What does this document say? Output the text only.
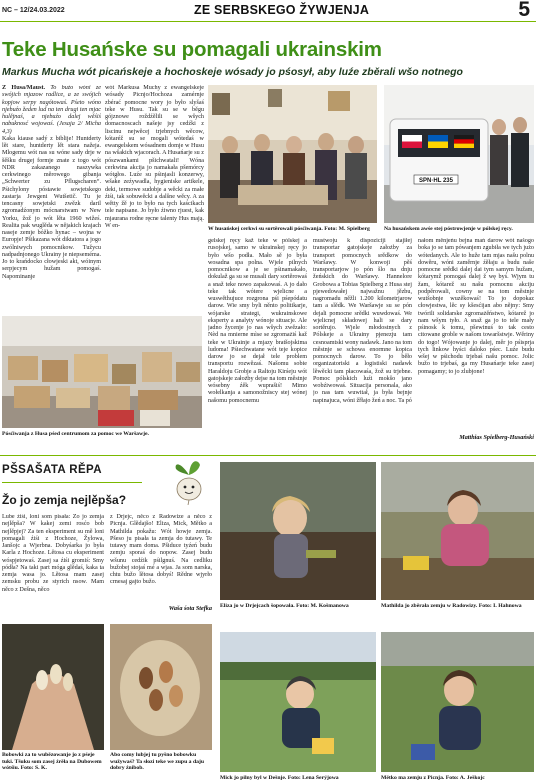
NC – 12/24.03.2022	ZE SERBSKEGO ŽYWJENJA	5
Teke Husańske su pomagali ukrainskim
Markus Mucha wót picańskeje a hochoskeje wósady jo pśosył, aby luźe zběrali wšo notnego

Z Husa/Maust. To buźo wóni ze swójich mjazow radlice, a ze swójich kopjow serpy nagótowaś. Pśeto wóno njebuźo žeden lud na ten drugi ten mjac hulějnaś, a njebuźo dalej wěśiś nabuknosć wojowaś. (Jesaja 2/ Micha 4,3)

Kaka kiause sadý z biblije! Huntderty lět stare, huntderty lět stara nažeja. Mlogemu wót nas su wóne sady drje w šěšku drugej formje znate z togo wót NDR zakazanego naszywka cerkwinego měrowego gibanja „Schwerter zu Pflugscharen“. Pśichylony póstawie sowjetskego zastarja Jewgeni Wutšetič. Tu je tencasny sowjetski zwězk daril zgromadźonym mócnarstwam w New Yorku, žož jo wót lěta 1960 wižeś. Realita pak wuglěda w nějakich krajach naseje zemje bóžko hynac – wojna w Europje! Pšikazana wót diktatora a jogo zwólniwych pomocnikow. Tužycu nadpadnjonego Ukrainy je niepseméma. Jo to krańdocko cłowjeski akt, wóinym serpjecym hužam pomogaś. Napominanje

wót Markusa Muchy z ewangelskeje wósady Picnjo/Hochoza zamérnje zbérać pomocne wory jo było slyšaś teke w Husu. Tak su se w běgu gójznowe roždźělili se wšych domacnoscach našeje jsy cedźki z liscinu nejwěcej trjebnych wěcow, kótaréž su se mogali wótedaś w ewangelskem wósadnem domje w Husu na wšakich wjacorach. A Husańarje su z pószwankami pšichwatali! Wóna cerkwina akcija jo namakała pšemórcy wótgłos. Luźe su pśinjasli konzerwy, wšake zeźywadla, hygieniske artikele, deki, termowe sudobje a wěcki za małe źiśi, tak sobuwěcki a dalšne wěcy. A za wětty žě jo to było na tych kaścikach tele napisane. Jo było źiwno rjuest, kak mjaurana rodne ręcne talenty Hus mają. W en-

SPN·HL 235
W husańskej cerkwi su sortěrowali pósćiwanja. Foto: M. Spielberg	Na husańskem awśe stej póstrowjenje w pólskej ręcy.

gelskej ręcy kaž teke w pólskej a rusojskej, samo w ukrainskej ręcy jo było wšo podła. Mało sě jo była wosadna spa polna. Wjele pilnych pomocnikow a je se pśinamakało, dokulaž ga su se musali dary sortěrowaś a snaž teke nowo zapakowaś. A jo dało teke tak wótere wjelicne a wuswěthujuce rozgrona pśi pśepódatu darow. Wie smy byli něnto politikarje, wójarske strategi, wukrainskowe eksperty a analyty wónoje situacje. Ale jadno žycenje jo nas wšych zwězało: Nèd na mnierne mìse se zgromażiś kaž teke w Ukrainje a mjazy bratšojskima ludoma! Pśiechwatane wót teje kopice darow jo se dejał tele problem transportu rozwězaś. Našomu sobie Haraldoju Grobje a Raltoju Kirśeju wót gatojskeje założby dejse na tom městnje wósebny źěk wuprašiś! Mimo wołelkanja a samonožniscy stej wónej našomu pomocnemu

mustwoju k dispoziciji stajiłej transportar gatojskeje założby za transport pomocnych srědkow do Waršawy. W konwoji pěś transportarjow jo pón šlo na dnju žeńskich do Waršawy. Hannelore Grobowa a Tobias Spielberg z Husa stej pjewedowałej najwažnu jězbu, nagromadu něžli 1.200 kilometrjarow tam a slědk. We Waršawje su se pón dejali pomocne srědki wuwdowaś. We wjelicnej składowej hali se dary sortěrujo. Wjele młodostnych z Pólskeje a Ukrainy pjenezju tam cesnoamtski wony nadawk. Jano na tom městnje se schowa enormne kopica pomocnych darow. To jo běło organizatoriski a logistiski nadawk lěwěcki tam płacowaśa, žož su trjebne. Pomoc pólskich luźi mokšo jano wobźiwowaś. Situacija personala, ako jo nas tam wuwitał, ja była bejnje napinajuca, wóni žřłajo žeń a noc. Ta pó

nałom měnjeńu bejna mań darow wót našogo boka jo se tam pówanjem zgubiła we tych jużo wótedanych. Ale to huže tam mjas našu polnu dowěru, wóni zaměrnje źěłaju a budu naše pomocne srědki dalej dai tym samym hužam, kótarymž pomogaś dalej ž wę byś. Wjym tu žam, kótarež su našu pomocnu akciju podpěrowali, cowny se na tom městnje wutšobnje wuzěkowaś! To jo dopokaz cłowjestwa, lěc sy kšesćijan abo nějny: Smy twórili solidarske zgromażěństwo, kótarež jo nam wšym tyło. A snaž ga jo to tele mały pśinosk k tomu, pšewinuś to tak cesto citowane groble w našom towaršstwje. Wěriny do togo! Wójowanje jo dalej, měr jo pśisprja tych linkow hyści daloko pśec. Luźe budu wšej w pśichodu trjebaś našu pomoc. Jolic bužo to trjebaś, ga my Husańarje teke zasej pomagamy; to jo zlubjone!

Matthias Spielberg-Husański
Pósćiwanja z Husa pśed centrumom za pomoc we Waršawje.
PŠSAŠATA RĚPA
Žo jo zemja nejlěpša?

Lube źiśi, loni som pisała: Žo jo zemja nejlěpša? W kakej zemi rosćo bob nejlěpjej? Za ten eksperiment su mě loni pomagali źiśi z Hochoze, Žylowa, Janšojc a Wjerbna. Dobyśarka jo była Karla z Hochoze. Lětosa cu eksperiment wóspjetowaś. Zasej sa źiśi gromiś: Smy pódła? Na taki part móga glědaś, kaka ta zemja wasa jo. Lětosa mam zasej zemsku probu ze styrich nsow. Mam něco z Dešna, něco

z Drjejc, něco z Radowize a něco z Picnja. Glědajšo! Eliza, Mick, Mětko a Mathilda pokažu: Wót howje zemja. Pšeso ju pisała ta zemja do tutawy. Te tutawy mam doma. Pšiduce tyźeń budu zemju sporaś do nopow. Zasej budu wšunu cedźik pśilgnuś. Na cedliku bužobej stojaś mé a wjas. Ja som narska, chtu bužo lětosa dobyś! Rědne wjyrło crnesaj gajto bužo.

Waša śota Stefka Eliza jo w Drjejcach šopowała. Foto: M. Košmanowa	Mathilda jo zběrała zemju w Radowizy. Foto: I. Hahnowa
Bobowki za to wubězowanje jo z pśeje tuki. Tšuku som zasej źrěła na Dubowem wótśiu. Foto: S. K.
Abo comy lubjej tu pyšno bobowku wužywaś? Ta słozi teke we zupu a daju dobry źnibob.
Mick jo pilny byl w Dešnje. Foto: Lena Šerýjowa	Mětko ma zemju z Picnja. Foto: A. Ješkojc
